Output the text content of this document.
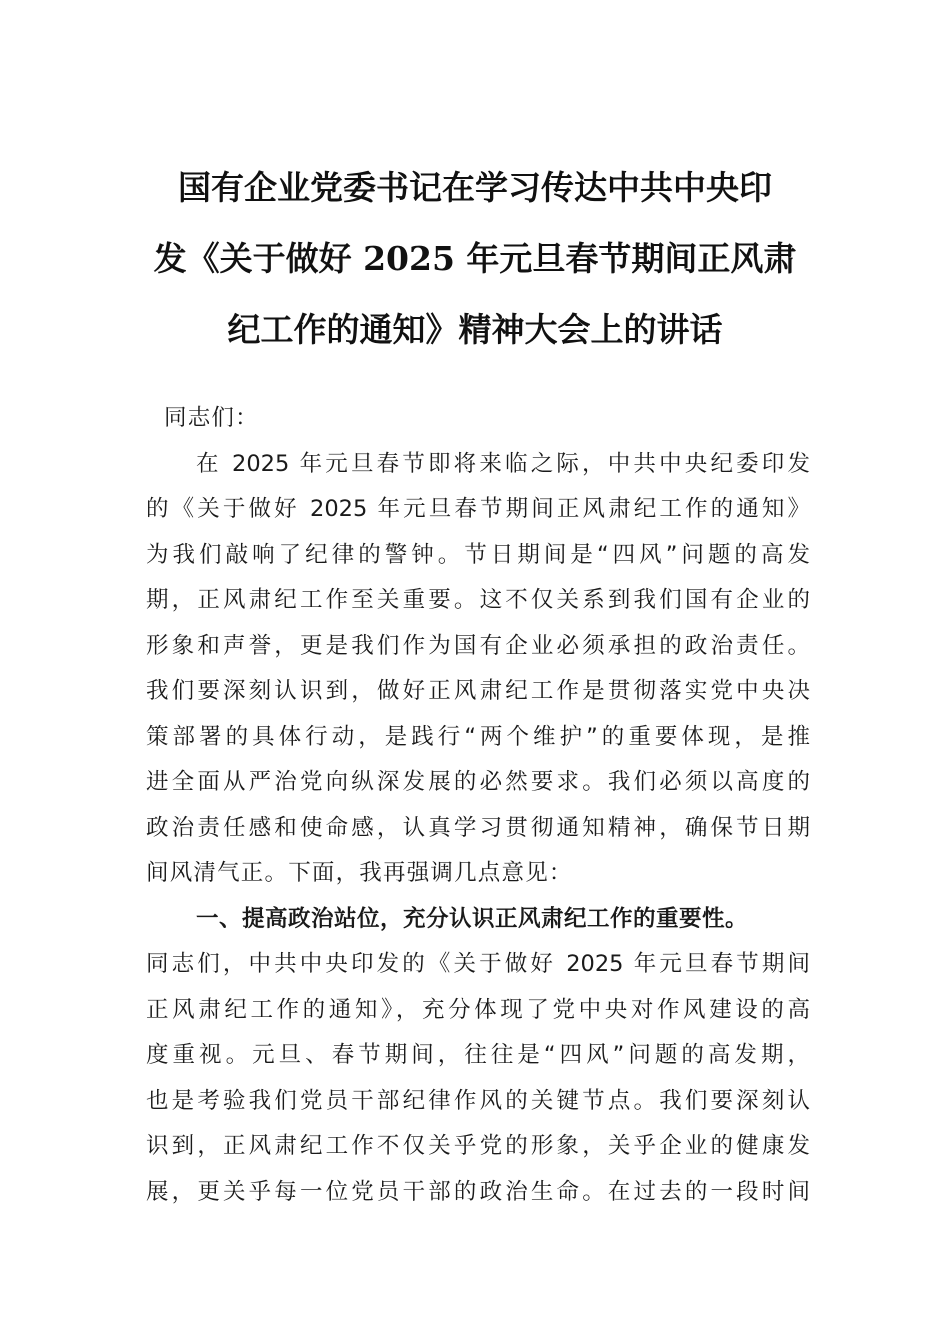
国有企业党委书记在学习传达中共中央印
发《关于做好 2025 年元旦春节期间正风肃
纪工作的通知》精神大会上的讲话
同志们：
在 2025 年元旦春节即将来临之际，中共中央纪委印发
的《关于做好 2025 年元旦春节期间正风肃纪工作的通知》
为我们敲响了纪律的警钟。节日期间是“四风”问题的高发
期，正风肃纪工作至关重要。这不仅关系到我们国有企业的
形象和声誉，更是我们作为国有企业必须承担的政治责任。
我们要深刻认识到，做好正风肃纪工作是贯彻落实党中央决
策部署的具体行动，是践行“两个维护”的重要体现，是推
进全面从严治党向纵深发展的必然要求。我们必须以高度的
政治责任感和使命感，认真学习贯彻通知精神，确保节日期
间风清气正。下面，我再强调几点意见：
一、提高政治站位，充分认识正风肃纪工作的重要性。
同志们，中共中央印发的《关于做好 2025 年元旦春节期间
正风肃纪工作的通知》，充分体现了党中央对作风建设的高
度重视。元旦、春节期间，往往是“四风”问题的高发期，
也是考验我们党员干部纪律作风的关键节点。我们要深刻认
识到，正风肃纪工作不仅关乎党的形象，关乎企业的健康发
展，更关乎每一位党员干部的政治生命。在过去的一段时间
